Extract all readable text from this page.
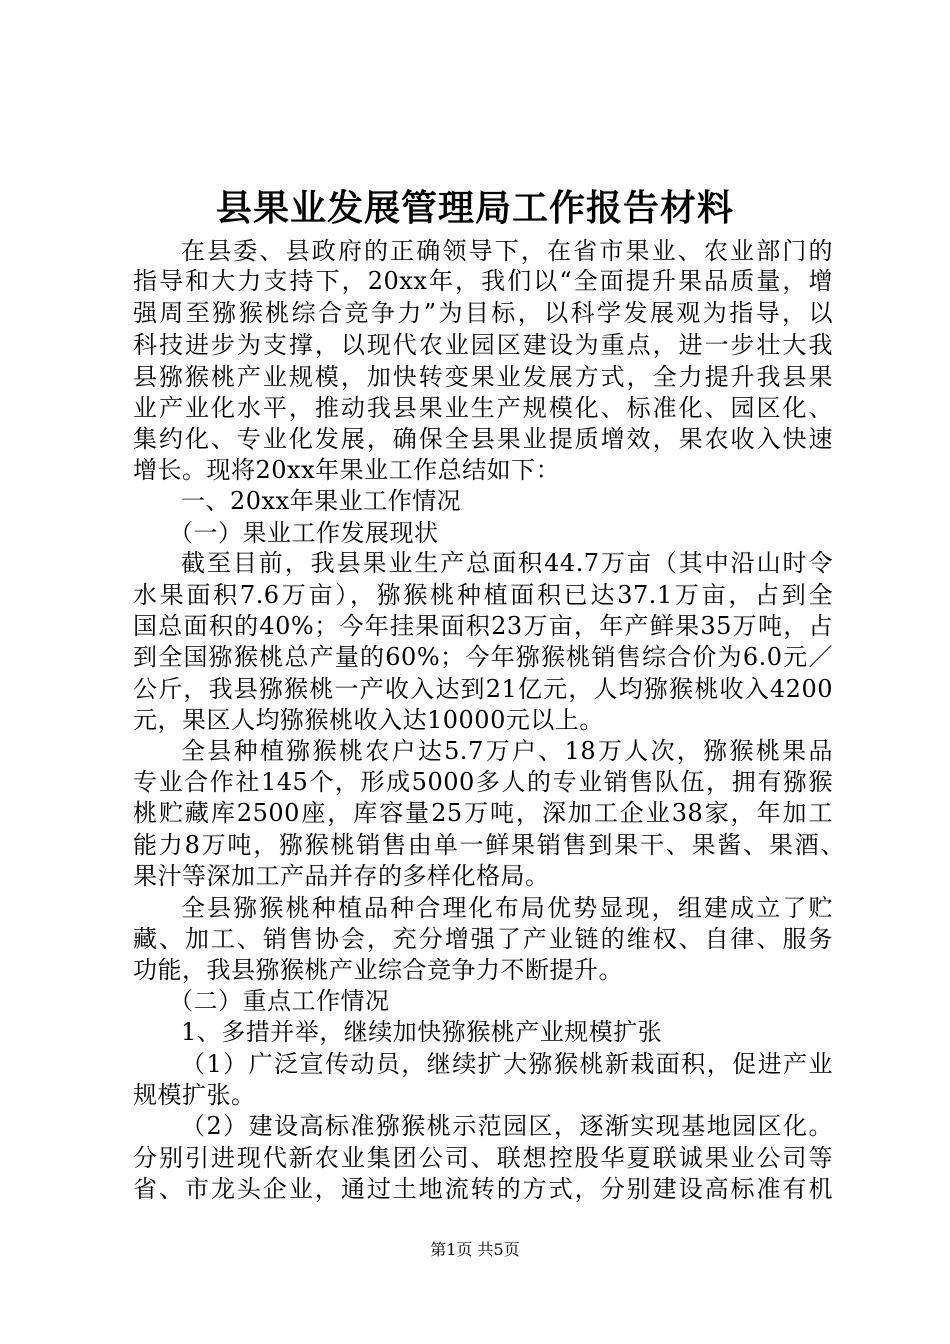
县果业发展管理局工作报告材料
在县委、县政府的正确领导下，在省市果业、农业部门的
指导和大力支持下，20xx年，我们以“全面提升果品质量，增
强周至猕猴桃综合竞争力”为目标，以科学发展观为指导，以
科技进步为支撑，以现代农业园区建设为重点，进一步壮大我
县猕猴桃产业规模，加快转变果业发展方式，全力提升我县果
业产业化水平，推动我县果业生产规模化、标准化、园区化、
集约化、专业化发展，确保全县果业提质增效，果农收入快速
增长。现将20xx年果业工作总结如下：
一、20xx年果业工作情况
（一）果业工作发展现状
截至目前，我县果业生产总面积44.7万亩（其中沿山时令
水果面积7.6万亩），猕猴桃种植面积已达37.1万亩，占到全
国总面积的40%；今年挂果面积23万亩，年产鲜果35万吨，占
到全国猕猴桃总产量的60%；今年猕猴桃销售综合价为6.0元／
公斤，我县猕猴桃一产收入达到21亿元，人均猕猴桃收入4200
元，果区人均猕猴桃收入达10000元以上。
全县种植猕猴桃农户达5.7万户、18万人次，猕猴桃果品
专业合作社145个，形成5000多人的专业销售队伍，拥有猕猴
桃贮藏库2500座，库容量25万吨，深加工企业38家，年加工
能力8万吨，猕猴桃销售由单一鲜果销售到果干、果酱、果酒、
果汁等深加工产品并存的多样化格局。
全县猕猴桃种植品种合理化布局优势显现，组建成立了贮
藏、加工、销售协会，充分增强了产业链的维权、自律、服务
功能，我县猕猴桃产业综合竞争力不断提升。
（二）重点工作情况
1、多措并举，继续加快猕猴桃产业规模扩张
（1）广泛宣传动员，继续扩大猕猴桃新栽面积，促进产业
规模扩张。
（2）建设高标准猕猴桃示范园区，逐渐实现基地园区化。
分别引进现代新农业集团公司、联想控股华夏联诚果业公司等
省、市龙头企业，通过土地流转的方式，分别建设高标准有机
第1页 共5页
